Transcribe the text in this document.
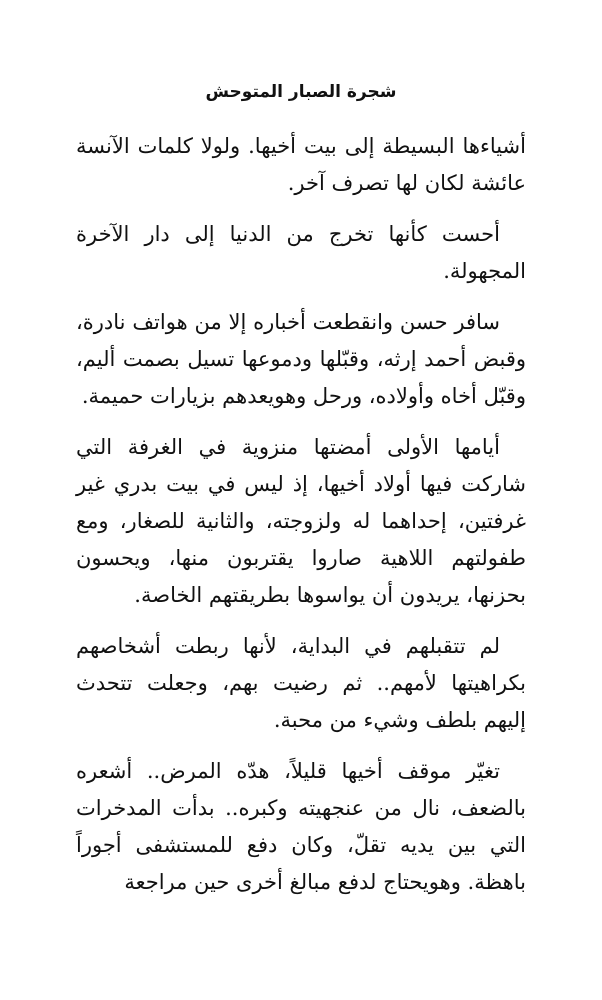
شجرة الصبار المتوحش

أشياءها البسيطة إلى بيت أخيها. ولولا كلمات الآنسة عائشة لكان لها تصرف آخر.

أحست كأنها تخرج من الدنيا إلى دار الآخرة المجهولة.

سافر حسن وانقطعت أخباره إلا من هواتف نادرة، وقبض أحمد إرثه، وقبّلها ودموعها تسيل بصمت أليم، وقبّل أخاه وأولاده، ورحل وهويعدهم بزيارات حميمة.

أيامها الأولى أمضتها منزوية في الغرفة التي شاركت فيها أولاد أخيها، إذ ليس في بيت بدري غير غرفتين، إحداهما له ولزوجته، والثانية للصغار، ومع طفولتهم اللاهية صاروا يقتربون منها، ويحسون بحزنها، يريدون أن يواسوها بطريقتهم الخاصة.

لم تتقبلهم في البداية، لأنها ربطت أشخاصهم بكراهيتها لأمهم.. ثم رضيت بهم، وجعلت تتحدث إليهم بلطف وشيء من محبة.

تغيّر موقف أخيها قليلاً، هدّه المرض.. أشعره بالضعف، نال من عنجهيته وكبره.. بدأت المدخرات التي بين يديه تقلّ، وكان دفع للمستشفى أجوراً باهظة. وهويحتاج لدفع مبالغ أخرى حين مراجعة
